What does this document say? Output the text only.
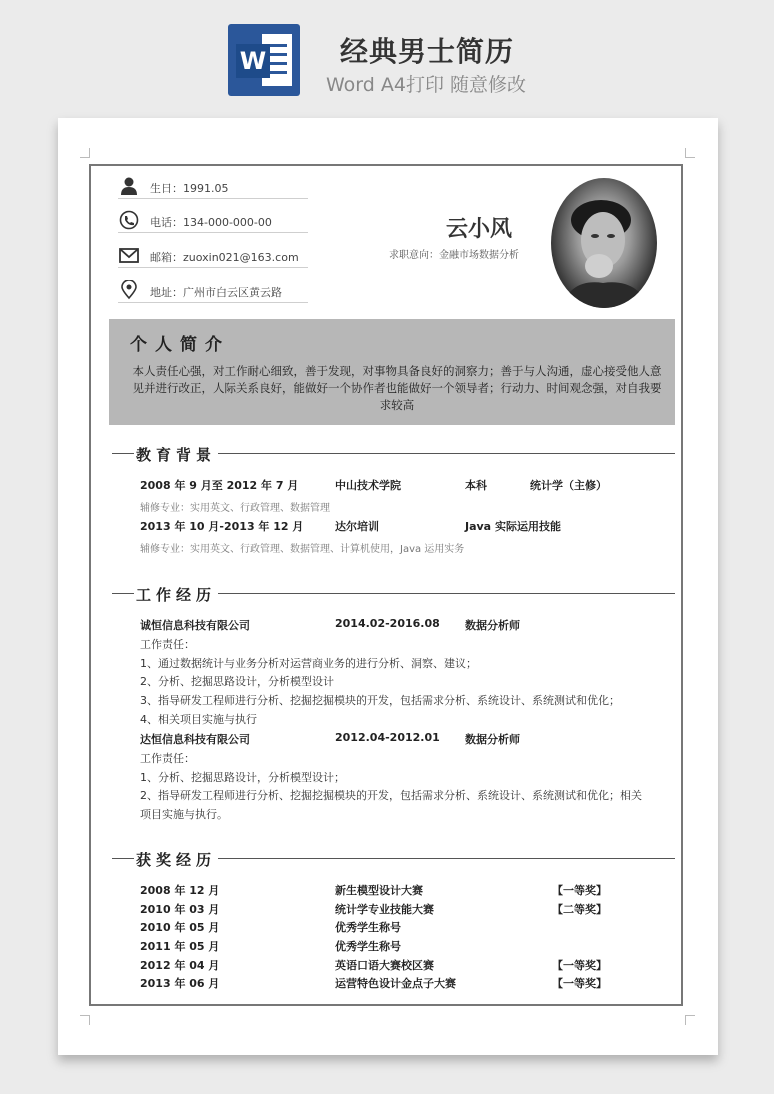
W	经典男士简历
Word A4打印 随意修改
生日：1991.05
电话：134-000-000-00
邮箱：zuoxin021@163.com
地址：广州市白云区黄云路
云小风
求职意向：金融市场数据分析
个人简介
本人责任心强，对工作耐心细致，善于发现，对事物具备良好的洞察力；善于与人沟通，虚心接受他人意见并进行改正，人际关系良好，能做好一个协作者也能做好一个领导者；行动力、时间观念强，对自我要求较高
教育背景
2008 年 9 月至 2012 年 7 月	中山技术学院	本科	统计学（主修）
辅修专业：实用英文、行政管理、数据管理
2013 年 10 月-2013 年 12 月	达尔培训	Java 实际运用技能
辅修专业：实用英文、行政管理、数据管理、计算机使用，Java 运用实务
工作经历
诚恒信息科技有限公司	2014.02-2016.08 数据分析师
工作责任：
1、通过数据统计与业务分析对运营商业务的进行分析、洞察、建议；
2、分析、挖掘思路设计，分析模型设计
3、指导研发工程师进行分析、挖掘挖掘模块的开发，包括需求分析、系统设计、系统测试和优化；
4、相关项目实施与执行
达恒信息科技有限公司	2012.04-2012.01 数据分析师
工作责任：
1、分析、挖掘思路设计，分析模型设计；
2、指导研发工程师进行分析、挖掘挖掘模块的开发，包括需求分析、系统设计、系统测试和优化；相关
项目实施与执行。
获奖经历
2008 年 12 月	新生模型设计大赛	【一等奖】
2010 年 03 月	统计学专业技能大赛	【二等奖】
2010 年 05 月	优秀学生称号
2011 年 05 月	优秀学生称号
2012 年 04 月	英语口语大赛校区赛	【一等奖】
2013 年 06 月	运营特色设计金点子大赛	【一等奖】
